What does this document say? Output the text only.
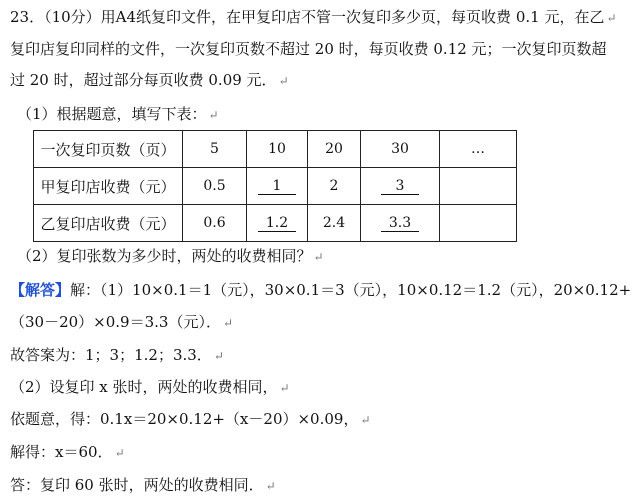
23．（10分）用A4纸复印文件，在甲复印店不管一次复印多少页，每页收费 0.1 元，在乙 ↵
复印店复印同样的文件，一次复印页数不超过 20 时，每页收费 0.12 元；一次复印页数超
过 20 时，超过部分每页收费 0.09 元． ↵
（1）根据题意，填写下表： ↵
一次复印页数（页）	5	10	20	30	…
甲复印店收费（元）	0.5	1	2	3	
乙复印店收费（元）	0.6	1.2	2.4	3.3	
（2）复印张数为多少时，两处的收费相同？ ↵
【解答】解：（1）10×0.1＝1（元），30×0.1＝3（元），10×0.12＝1.2（元），20×0.12+
（30－20）×0.9＝3.3（元）． ↵
故答案为：1；3；1.2；3.3． ↵
（2）设复印 x 张时，两处的收费相同， ↵
依题意，得：0.1x＝20×0.12+（x－20）×0.09， ↵
解得：x＝60． ↵
答：复印 60 张时，两处的收费相同． ↵
